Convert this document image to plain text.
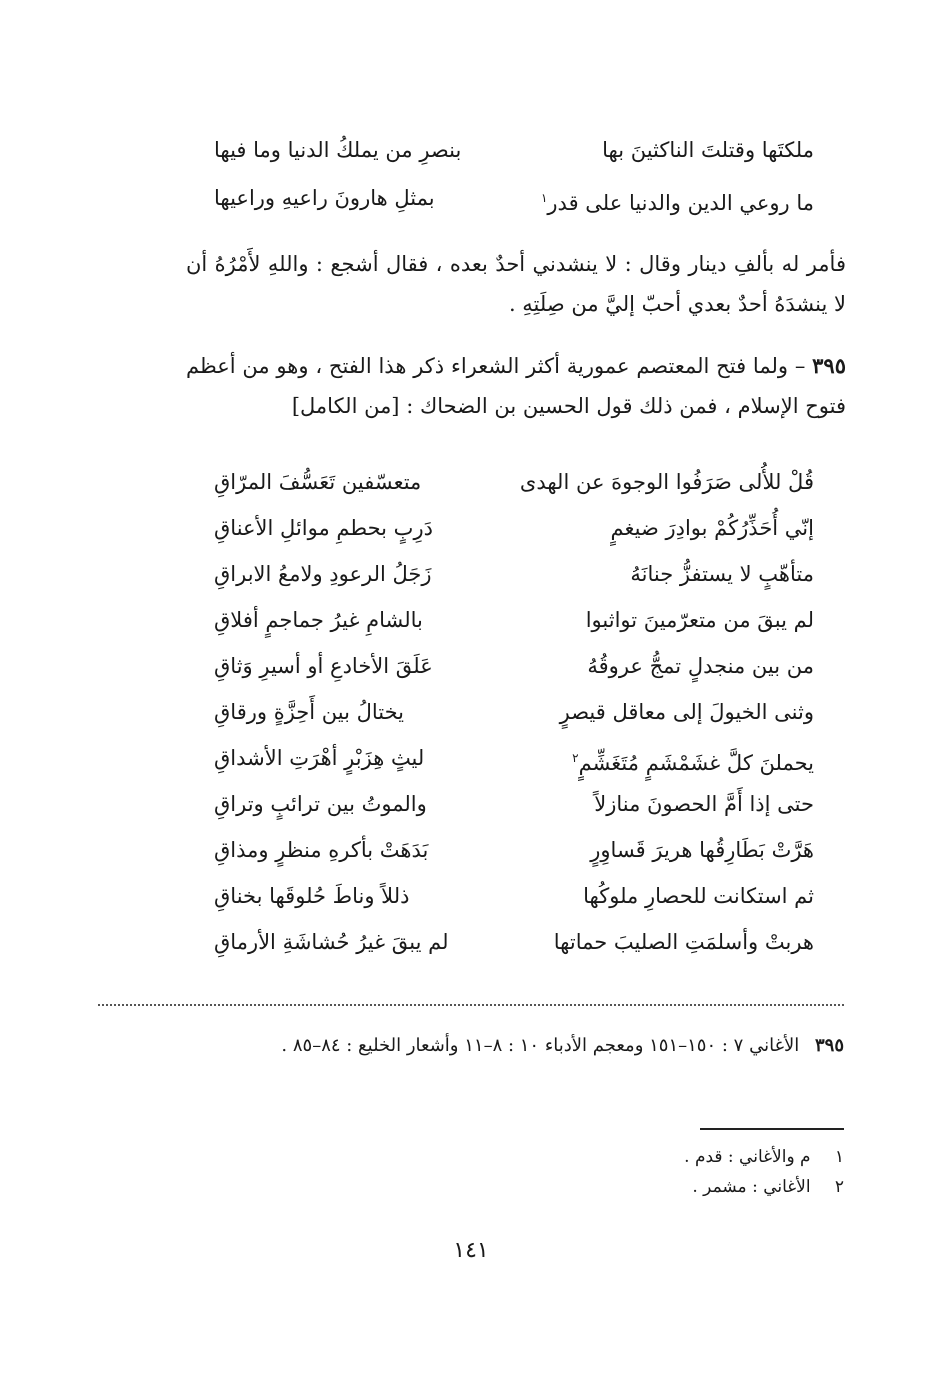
ملكتَها وقتلتَ الناكثينَ بها
بنصرِ من يملكُ الدنيا وما فيها
ما روعي الدين والدنيا على قدر$^١$
بمثلِ هارونَ راعيهِ وراعيها
فأمر له بألفِ دينار وقال : لا ينشدني أحدٌ بعده ، فقال أشجع : واللهِ لأَمْرُهُ أن لا ينشدَهُ أحدٌ بعدي أحبّ إليَّ من صِلَتِهِ .
٣٩٥ – ولما فتح المعتصم عمورية أكثر الشعراء ذكر هذا الفتح ، وهو من أعظم فتوح الإسلام ، فمن ذلك قول الحسين بن الضحاك : [من الكامل]
قُلْ للأُلى صَرَفُوا الوجوهَ عن الهدى
متعسّفين تَعَسُّفَ المرّاقِ
إنّي أُحَذِّرُكُمْ بوادِرَ ضيغمٍ
دَرِبٍ بحطمِ موائلِ الأعناقِ
متأهّبٍ لا يستفزُّ جنانَهُ
زَجَلُ الرعودِ ولامعُ الابراقِ
لم يبقَ من متعرّمينَ تواثبوا
بالشامِ غيرُ جماجمٍ أفلاقِ
من بين منجدلٍ تمجُّ عروقُهُ
عَلَقَ الأخادعِ أو أسيرِ وَثاقِ
وثنى الخيولَ إلى معاقل قيصرٍ
يختالُ بين أَحِزَّةٍ ورقاقِ
يحملنَ كلَّ غشَمْشَمٍ مُتَغَشِّمٍ$^٢$
ليثٍ هِزَبْرٍ أهْرَتِ الأشداقِ
حتى إذا أَمَّ الحصونَ منازلاً
والموتُ بين ترائبٍ وتراقِ
هَرَّتْ بَطَارِقُها هريرَ قَساوِرٍ
بَدَهَتْ بأكرهِ منظرٍ ومذاقِ
ثم استكانت للحصارِ ملوكُها
ذللاً وناطَ حُلوقَها بخناقِ
هربتْ وأسلمَتِ الصليبَ حماتها
لم يبقَ غيرُ حُشاشَةِ الأرماقِ
٣٩٥ الأغاني ٧ : ١٥٠–١٥١ ومعجم الأدباء ١٠ : ٨–١١ وأشعار الخليع : ٨٤–٨٥ .
١ م والأغاني : قدم .
٢ الأغاني : مشمر .
١٤١
